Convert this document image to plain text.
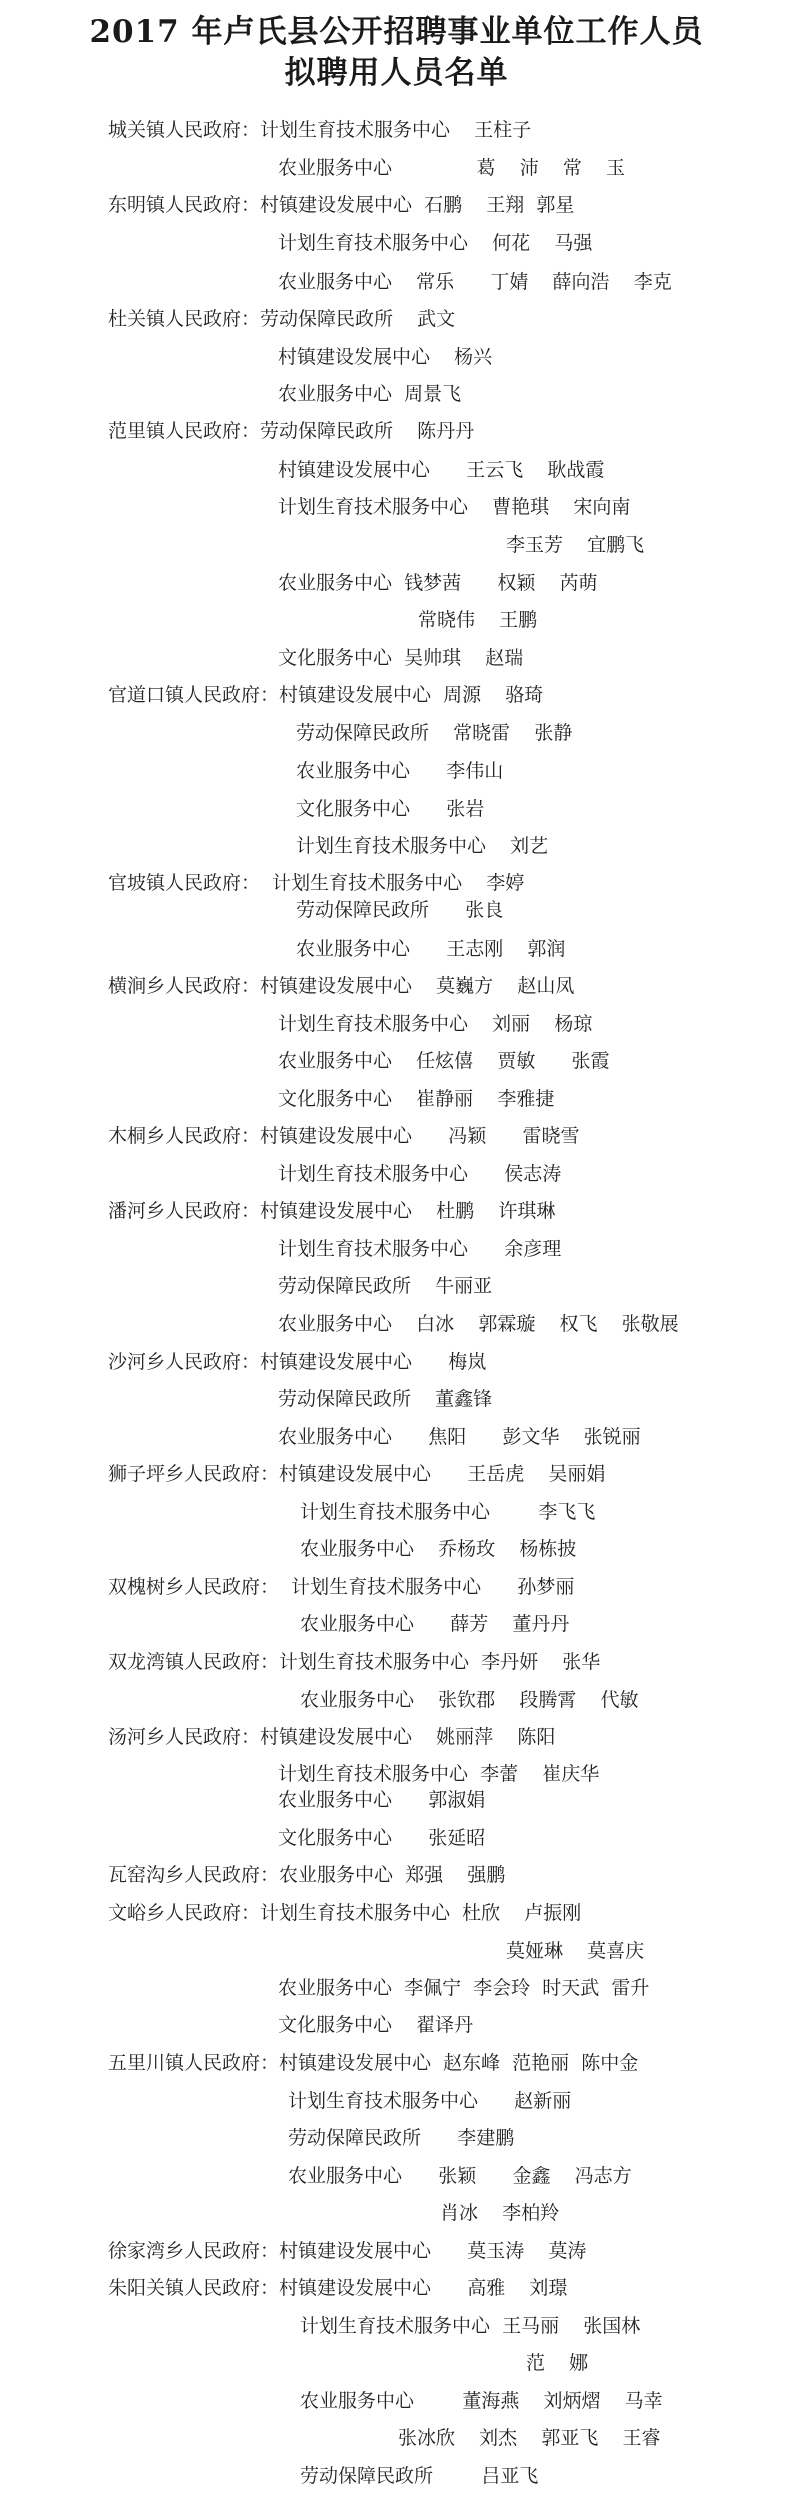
2017 年卢氏县公开招聘事业单位工作人员
拟聘用人员名单
城关镇人民政府：计划生育技术服务中心    王柱子
农业服务中心              葛    沛    常    玉
东明镇人民政府：村镇建设发展中心  石鹏    王翔  郭星
计划生育技术服务中心    何花    马强
农业服务中心    常乐      丁婧    薛向浩    李克
杜关镇人民政府：劳动保障民政所    武文
村镇建设发展中心    杨兴
农业服务中心  周景飞
范里镇人民政府：劳动保障民政所    陈丹丹
村镇建设发展中心      王云飞    耿战霞
计划生育技术服务中心    曹艳琪    宋向南
李玉芳    宜鹏飞
农业服务中心  钱梦茜      权颖    芮萌
常晓伟    王鹏
文化服务中心  吴帅琪    赵瑞
官道口镇人民政府：村镇建设发展中心  周源    骆琦
劳动保障民政所    常晓雷    张静
农业服务中心      李伟山
文化服务中心      张岩
计划生育技术服务中心    刘艺
官坡镇人民政府：  计划生育技术服务中心    李婷
劳动保障民政所      张良
农业服务中心      王志刚    郭润
横涧乡人民政府：村镇建设发展中心    莫巍方    赵山凤
计划生育技术服务中心    刘丽    杨琼
农业服务中心    任炫僖    贾敏      张霞
文化服务中心    崔静丽    李雅捷
木桐乡人民政府：村镇建设发展中心      冯颖      雷晓雪
计划生育技术服务中心      侯志涛
潘河乡人民政府：村镇建设发展中心    杜鹏    许琪琳
计划生育技术服务中心      余彦理
劳动保障民政所    牛丽亚
农业服务中心    白冰    郭霖璇    权飞    张敬展
沙河乡人民政府：村镇建设发展中心      梅岚
劳动保障民政所    董鑫锋
农业服务中心      焦阳      彭文华    张锐丽
狮子坪乡人民政府：村镇建设发展中心      王岳虎    吴丽娟
计划生育技术服务中心        李飞飞
农业服务中心    乔杨玫    杨栋披
双槐树乡人民政府：  计划生育技术服务中心      孙梦丽
农业服务中心      薛芳    董丹丹
双龙湾镇人民政府：计划生育技术服务中心  李丹妍    张华
农业服务中心    张钦郡    段腾霄    代敏
汤河乡人民政府：村镇建设发展中心    姚丽萍    陈阳
计划生育技术服务中心  李蕾    崔庆华
农业服务中心      郭淑娟
文化服务中心      张延昭
瓦窑沟乡人民政府：农业服务中心  郑强    强鹏
文峪乡人民政府：计划生育技术服务中心  杜欣    卢振刚
莫娅琳    莫喜庆
农业服务中心  李佩宁  李会玲  时天武  雷升
文化服务中心    翟译丹
五里川镇人民政府：村镇建设发展中心  赵东峰  范艳丽  陈中金
计划生育技术服务中心      赵新丽
劳动保障民政所      李建鹏
农业服务中心      张颖      金鑫    冯志方
肖冰    李柏羚
徐家湾乡人民政府：村镇建设发展中心      莫玉涛    莫涛
朱阳关镇人民政府：村镇建设发展中心      高雅    刘璟
计划生育技术服务中心  王马丽    张国林
范    娜
农业服务中心        董海燕    刘炳熠    马幸
张冰欣    刘杰    郭亚飞    王睿
劳动保障民政所        吕亚飞
